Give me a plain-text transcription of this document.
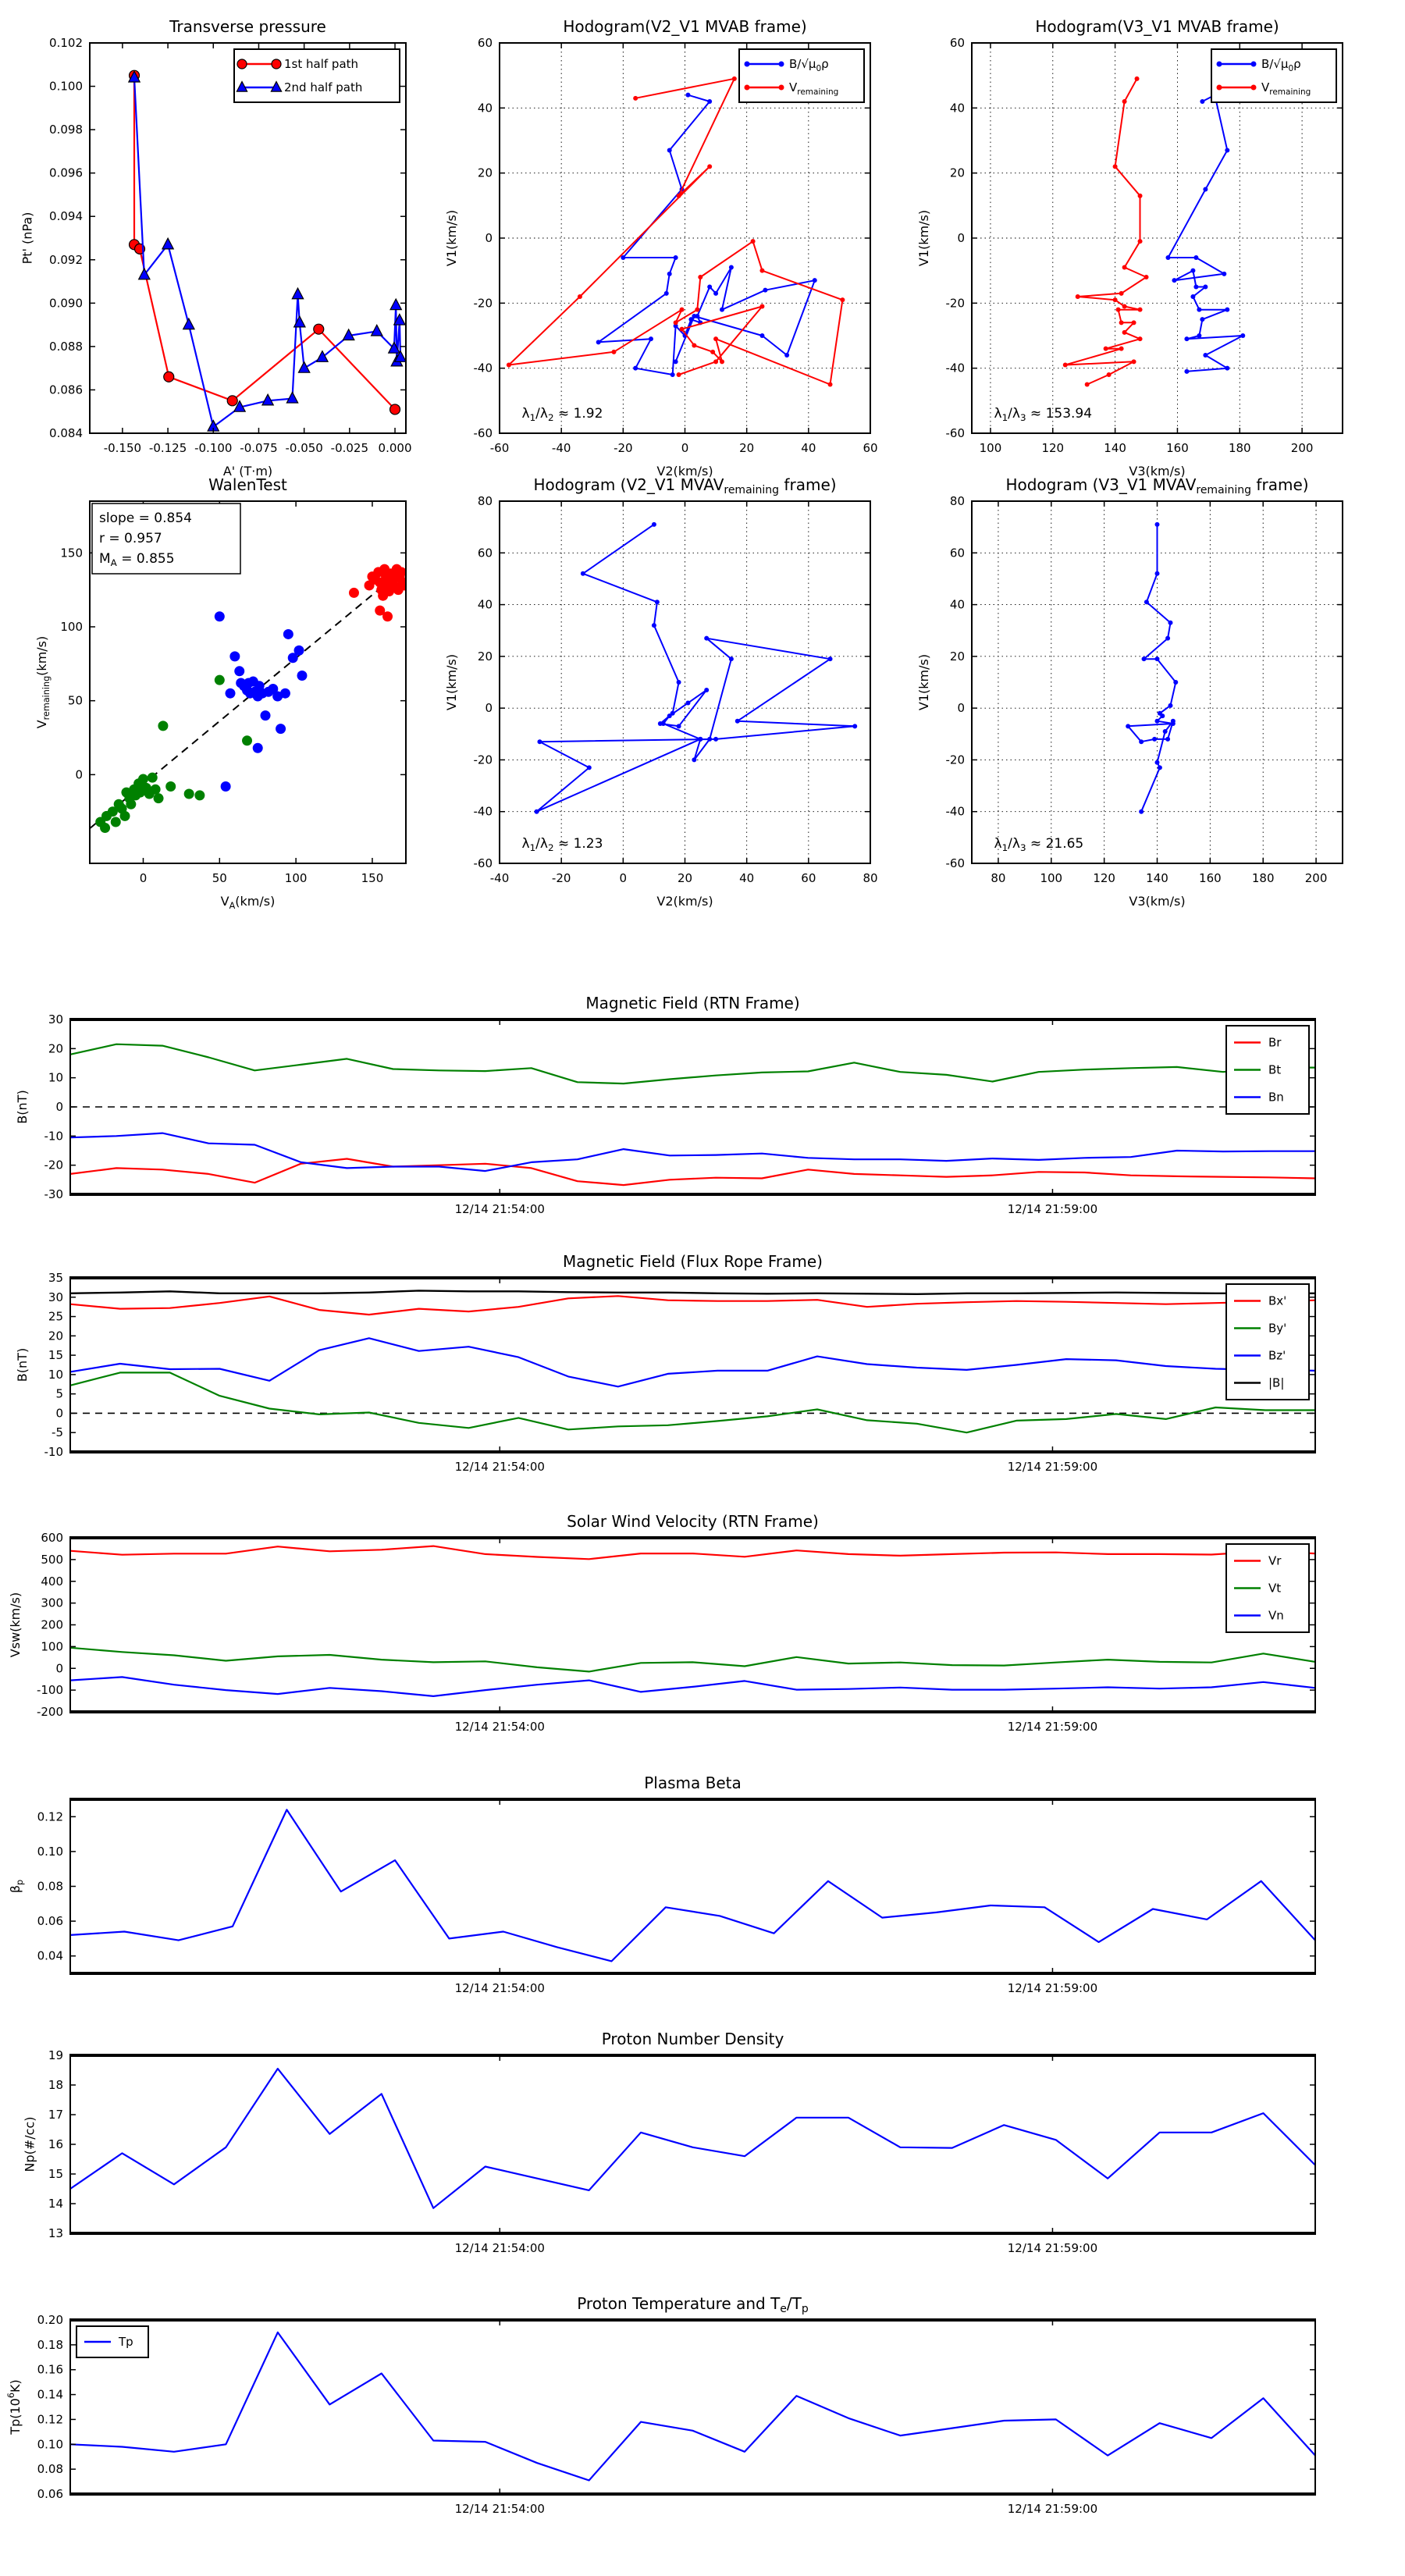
-0.150 -0.125 -0.100 -0.075 -0.050 -0.025 0.000
0.084
0.086
0.088
0.090
0.092
0.094
0.096
0.098
0.100
0.102
Transverse pressure
A' (T·m)
Pt' (nPa)
1st half path
2nd half path
-60	-40	-20	0	20	40	60
-60
-40
-20
0
20
40
60
Hodogram(V2_V1 MVAB frame)
V2(km/s)
V1(km/s)
$\lambda_1/\lambda_2 \approx 1.92$
$B/√\mu_0\rho$
$V_{remaining}$
100	120	140	160	180	200
-60
-40
-20
0
20
40
60
Hodogram(V3_V1 MVAB frame)
V3(km/s)
V1(km/s)
$\lambda_1/\lambda_3 \approx 153.94$
$B/√\mu_0\rho$
$V_{remaining}$
0	50	100	150
0
50
100
150
WalenTest
$V_A(km/s)$
$V_{remaining}(km/s)$
slope = 0.854
r = 0.957
$M_A = 0.855$
-40	-20	0	20	40	60	80
-60
-40
-20
0
20
40
60
80
Hodogram (V2_V1 $MVAV_{remaining}$ frame)
V2(km/s)
V1(km/s)
$\lambda_1/\lambda_2 \approx 1.23$
80	100	120	140	160	180	200
-60
-40
-20
0
20
40
60
80
Hodogram (V3_V1 $MVAV_{remaining}$ frame)
V3(km/s)
V1(km/s)
$\lambda_1/\lambda_3 \approx 21.65$
12/14 21:54:00	12/14 21:59:00
-30
-20
-10
0
10
20
30
Magnetic Field (RTN Frame)
B(nT)
Br
Bt
Bn
12/14 21:54:00	12/14 21:59:00
-10
-5
0
5
10
15
20
25
30
35
Magnetic Field (Flux Rope Frame)
B(nT)
Bx'
By'
Bz'
|B|
12/14 21:54:00	12/14 21:59:00
-200
-100
0
100
200
300
400
500
600
Solar Wind Velocity (RTN Frame)
Vsw(km/s)
Vr
Vt
Vn
12/14 21:54:00	12/14 21:59:00
0.04
0.06
0.08
0.10
0.12
Plasma Beta
$\beta_p$
12/14 21:54:00	12/14 21:59:00
13
14
15
16
17
18
19
Proton Number Density
Np(#/cc)
12/14 21:54:00	12/14 21:59:00
0.06
0.08
0.10
0.12
0.14
0.16
0.18
0.20
Proton Temperature and $T_e/T_p$
$Tp(10^6K)$
Tp
